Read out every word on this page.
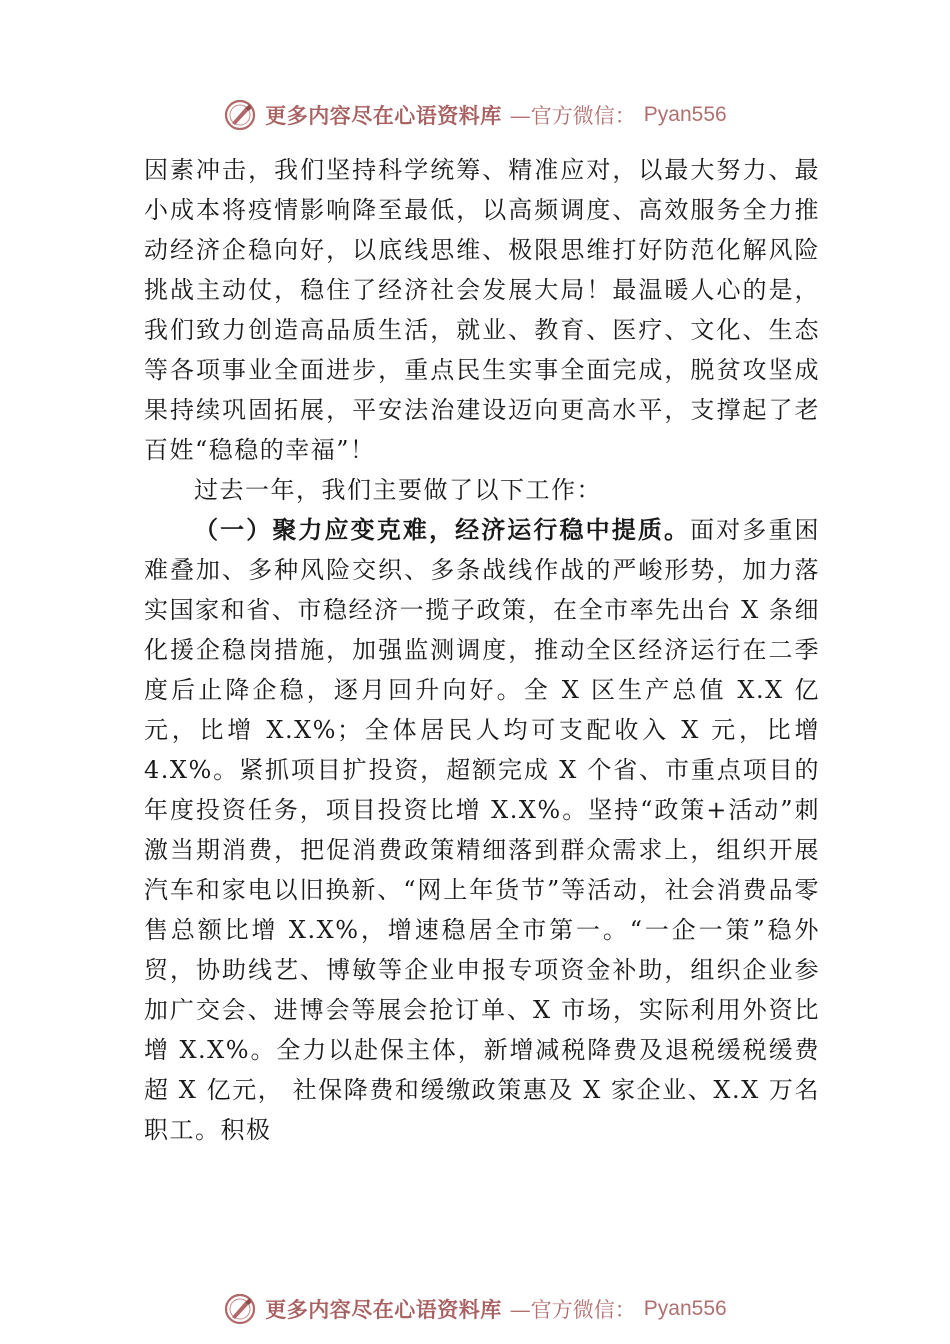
更多内容尽在心语资料库 —官方微信： Pyan556

因素冲击，我们坚持科学统筹、精准应对，以最大努力、最小成本将疫情影响降至最低，以高频调度、高效服务全力推动经济企稳向好，以底线思维、极限思维打好防范化解风险挑战主动仗，稳住了经济社会发展大局！最温暖人心的是， 我们致力创造高品质生活，就业、教育、医疗、文化、生态等各项事业全面进步，重点民生实事全面完成，脱贫攻坚成果持续巩固拓展，平安法治建设迈向更高水平，支撑起了老百姓“稳稳的幸福”！

过去一年，我们主要做了以下工作：

（一）聚力应变克难，经济运行稳中提质。面对多重困难叠加、多种风险交织、多条战线作战的严峻形势，加力落实国家和省、市稳经济一揽子政策，在全市率先出台 X 条细化援企稳岗措施，加强监测调度，推动全区经济运行在二季度后止降企稳，逐月回升向好。全 X 区生产总值 X.X 亿元，比增 X.X%；全体居民人均可支配收入 X 元，比增 4.X%。紧抓项目扩投资，超额完成 X 个省、市重点项目的年度投资任务，项目投资比增 X.X%。坚持“政策+活动”刺激当期消费，把促消费政策精细落到群众需求上，组织开展汽车和家电以旧换新、“网上年货节”等活动，社会消费品零售总额比增 X.X%，增速稳居全市第一。“一企一策”稳外贸，协助线艺、博敏等企业申报专项资金补助，组织企业参加广交会、进博会等展会抢订单、X 市场，实际利用外资比增 X.X%。全力以赴保主体，新增减税降费及退税缓税缓费超 X 亿元， 社保降费和缓缴政策惠及 X 家企业、X.X 万名职工。积极

更多内容尽在心语资料库 —官方微信： Pyan556
